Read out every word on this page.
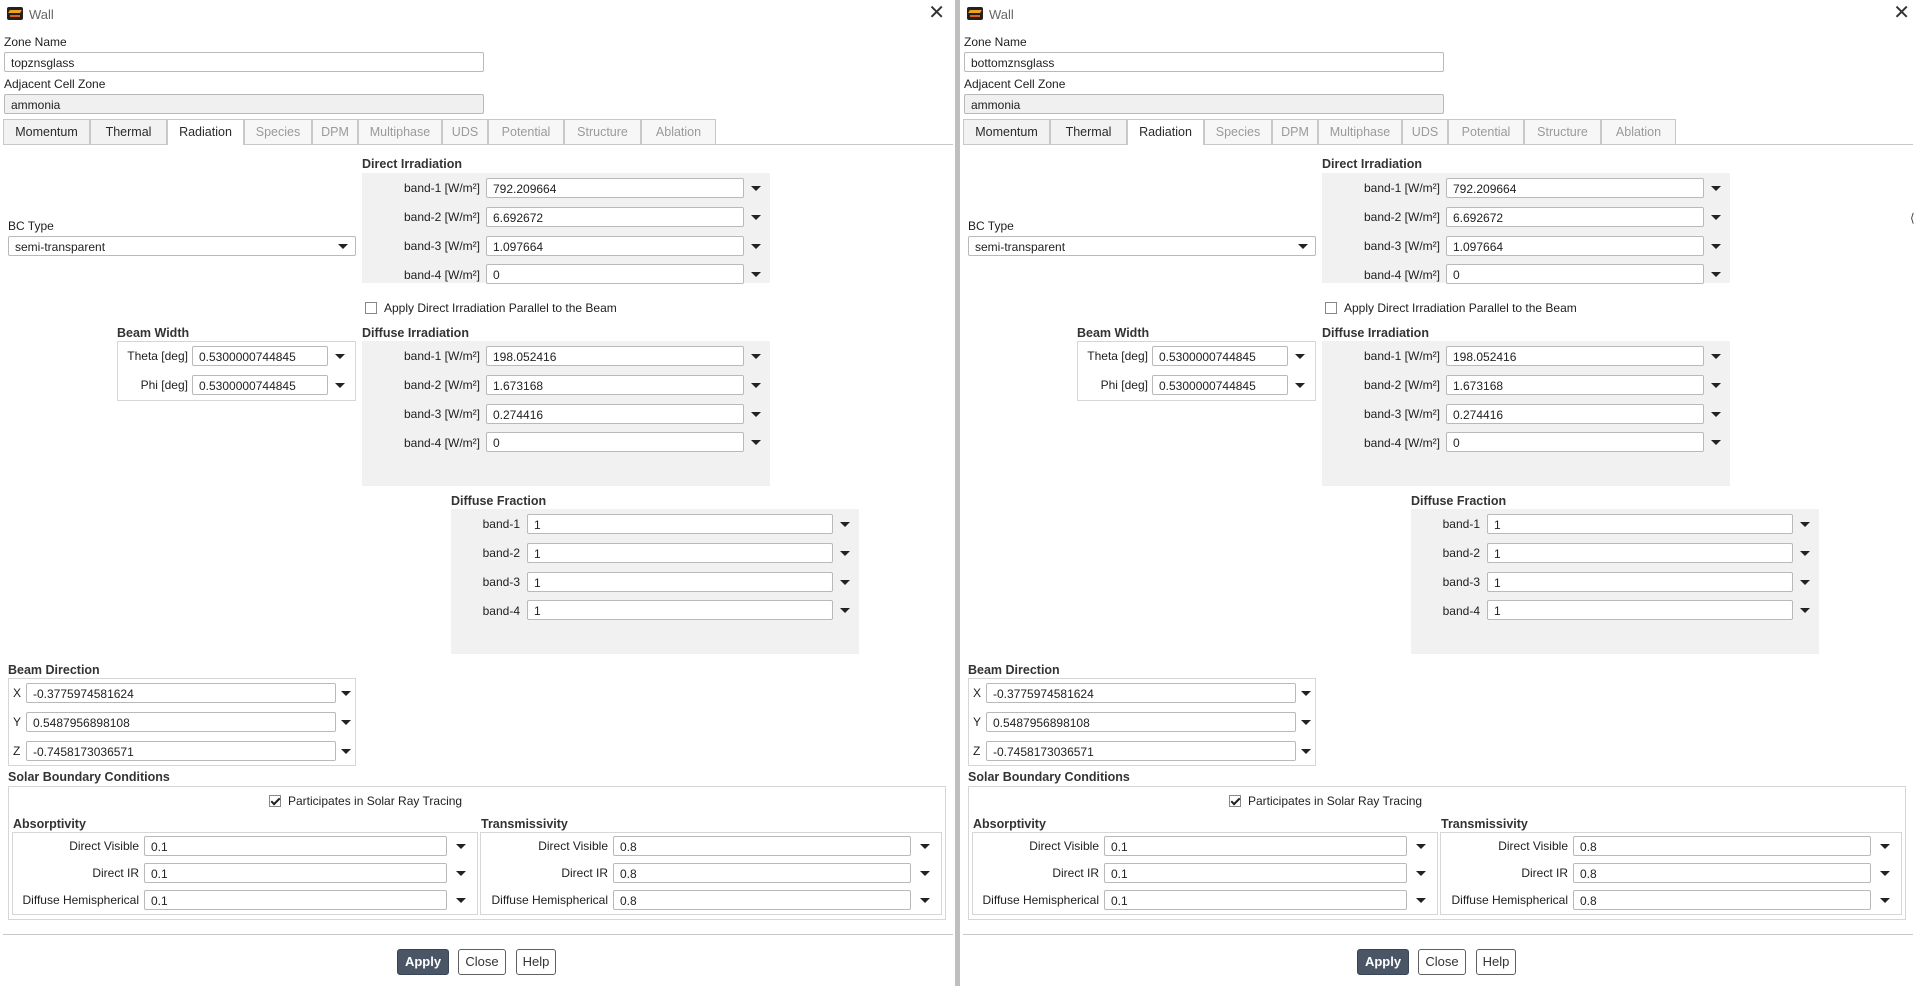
Wall	✕
Zone Name
topznsglass
Adjacent Cell Zone
ammonia
Momentum	Thermal	Radiation	Species	DPM	Multiphase	UDS	Potential	Structure	Ablation
BC Type
semi-transparent
Direct Irradiation
band-1 [W/m²]	792.209664
band-2 [W/m²]	6.692672
band-3 [W/m²]	1.097664
band-4 [W/m²]	0
Apply Direct Irradiation Parallel to the Beam
Beam Width
Theta [deg] 0.5300000744845
Phi [deg] 0.5300000744845
Diffuse Irradiation
band-1 [W/m²]	198.052416
band-2 [W/m²]	1.673168
band-3 [W/m²]	0.274416
band-4 [W/m²]	0
Diffuse Fraction
band-1	1
band-2	1
band-3	1
band-4	1
Beam Direction
X -0.3775974581624
Y 0.5487956898108
Z	-0.7458173036571
Solar Boundary Conditions
Participates in Solar Ray Tracing
Absorptivity
Direct Visible	0.1
Direct IR	0.1
Diffuse Hemispherical	0.1
Transmissivity
Direct Visible	0.8
Direct IR	0.8
Diffuse Hemispherical	0.8
Apply	Close	Help
Wall	✕
Zone Name
bottomznsglass
Adjacent Cell Zone
ammonia
Momentum	Thermal	Radiation	Species	DPM	Multiphase	UDS	Potential	Structure	Ablation
BC Type
semi-transparent
Direct Irradiation
band-1 [W/m²]	792.209664
band-2 [W/m²]	6.692672
band-3 [W/m²]	1.097664
band-4 [W/m²]	0
Apply Direct Irradiation Parallel to the Beam
Beam Width
Theta [deg] 0.5300000744845
Phi [deg] 0.5300000744845
Diffuse Irradiation
band-1 [W/m²]	198.052416
band-2 [W/m²]	1.673168
band-3 [W/m²]	0.274416
band-4 [W/m²]	0
Diffuse Fraction
band-1	1
band-2	1
band-3	1
band-4	1
Beam Direction
X -0.3775974581624
Y 0.5487956898108
Z	-0.7458173036571
Solar Boundary Conditions
Participates in Solar Ray Tracing
Absorptivity
Direct Visible	0.1
Direct IR	0.1
Diffuse Hemispherical	0.1
Transmissivity
Direct Visible	0.8
Direct IR	0.8
Diffuse Hemispherical	0.8
Apply	Close	Help
⟨
